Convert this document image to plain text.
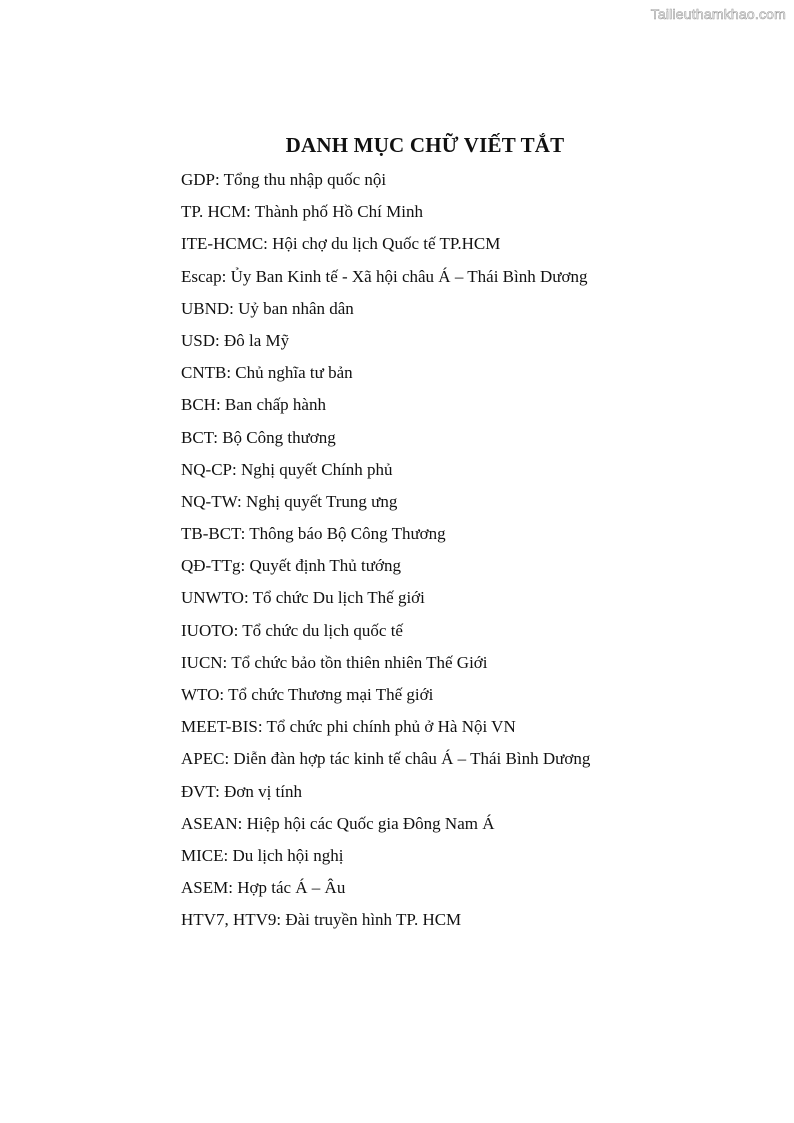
Tailieuthamkhao.com
DANH MỤC CHỮ VIẾT TẮT
GDP: Tổng thu nhập quốc nội
TP. HCM: Thành phố Hồ Chí Minh
ITE-HCMC: Hội chợ du lịch Quốc tế TP.HCM
Escap: Ủy Ban Kinh tế - Xã hội châu Á – Thái Bình Dương
UBND: Uỷ ban nhân dân
USD: Đô la Mỹ
CNTB: Chủ nghĩa tư bản
BCH: Ban chấp hành
BCT: Bộ Công thương
NQ-CP: Nghị quyết Chính phủ
NQ-TW: Nghị quyết Trung ưng
TB-BCT: Thông báo Bộ Công Thương
QĐ-TTg: Quyết định Thủ tướng
UNWTO: Tổ chức Du lịch Thế giới
IUOTO: Tổ chức du lịch quốc tế
IUCN: Tổ chức bảo tồn thiên nhiên Thế Giới
WTO: Tổ chức Thương mại Thế giới
MEET-BIS: Tổ chức phi chính phủ ở Hà Nội VN
APEC: Diễn đàn hợp tác kinh tế châu Á – Thái Bình Dương
ĐVT: Đơn vị tính
ASEAN: Hiệp hội các Quốc gia Đông Nam Á
MICE: Du lịch hội nghị
ASEM: Hợp tác Á – Âu
HTV7, HTV9: Đài truyền hình TP. HCM
